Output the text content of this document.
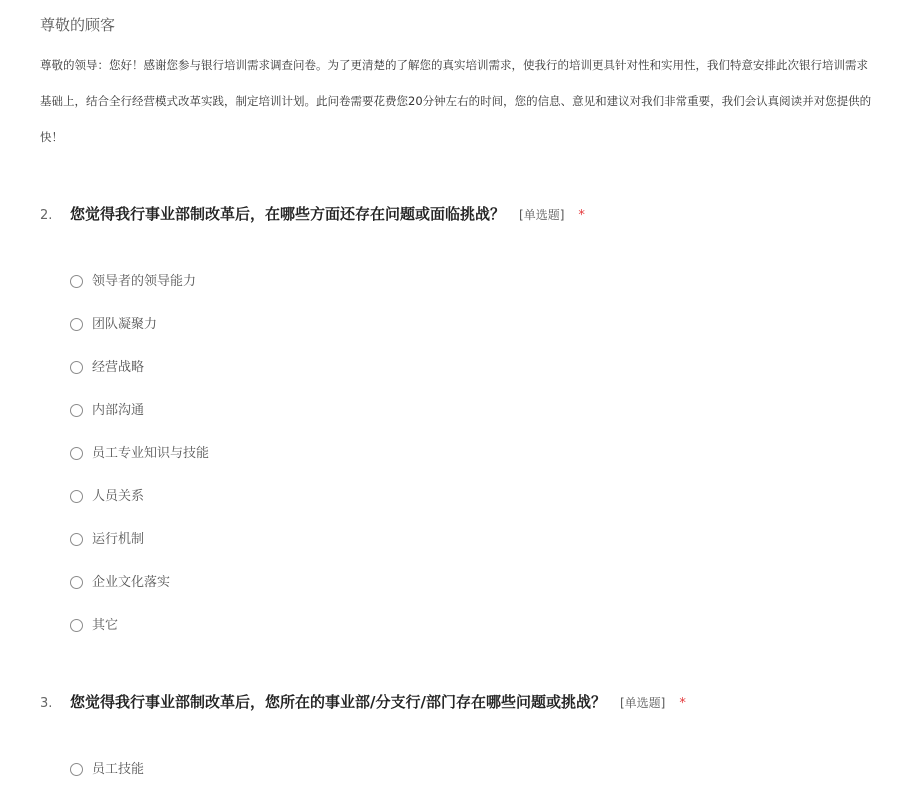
尊敬的顾客
尊敬的领导：您好！感谢您参与银行培训需求调查问卷。为了更清楚的了解您的真实培训需求，使我行的培训更具针对性和实用性，我们特意安排此次银行培训需求
基础上，结合全行经营模式改革实践，制定培训计划。此问卷需要花费您20分钟左右的时间，您的信息、意见和建议对我们非常重要，我们会认真阅读并对您提供的
快！
2.	您觉得我行事业部制改革后，在哪些方面还存在问题或面临挑战？ [单选题] *
领导者的领导能力
团队凝聚力
经营战略
内部沟通
员工专业知识与技能
人员关系
运行机制
企业文化落实
其它
3.	您觉得我行事业部制改革后，您所在的事业部/分支行/部门存在哪些问题或挑战？ [单选题] *
员工技能
